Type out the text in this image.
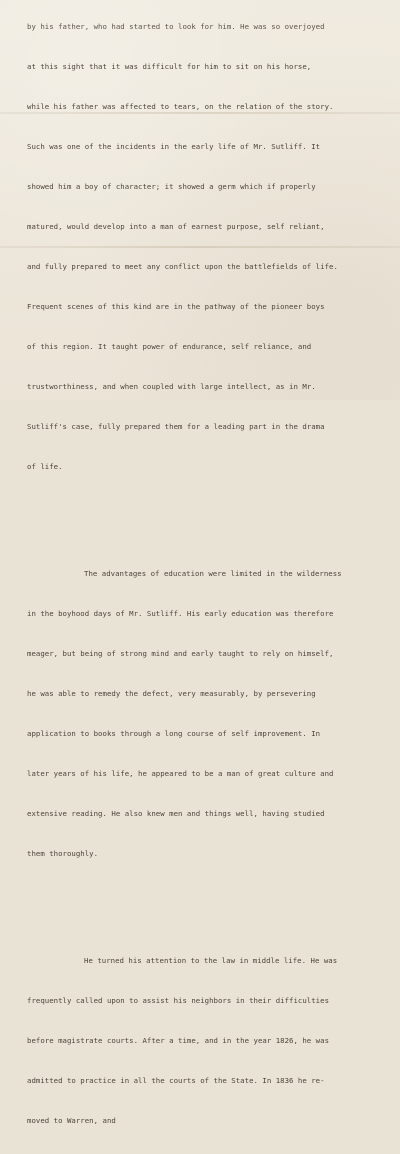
by his father, who had started to look for him. He was so overjoyed

at this sight that it was difficult for him to sit on his horse,

while his father was affected to tears, on the relation of the story.

Such was one of the incidents in the early life of Mr. Sutliff. It

showed him a boy of character; it showed a germ which if properly

matured, would develop into a man of earnest purpose, self reliant,

and fully prepared to meet any conflict upon the battlefields of life.

Frequent scenes of this kind are in the pathway of the pioneer boys

of this region. It taught power of endurance, self reliance, and

trustworthiness, and when coupled with large intellect, as in Mr.

Sutliff's case, fully prepared them for a leading part in the drama

of life.

The advantages of education were limited in the wilderness

in the boyhood days of Mr. Sutliff. His early education was therefore

meager, but being of strong mind and early taught to rely on himself,

he was able to remedy the defect, very measurably, by persevering

application to books through a long course of self improvement. In

later years of his life, he appeared to be a man of great culture and

extensive reading. He also knew men and things well, having studied

them thoroughly.

He turned his attention to the law in middle life. He was

frequently called upon to assist his neighbors in their difficulties

before magistrate courts. After a time, and in the year 1826, he was

admitted to practice in all the courts of the State. In 1836 he re-

moved to Warren, and
